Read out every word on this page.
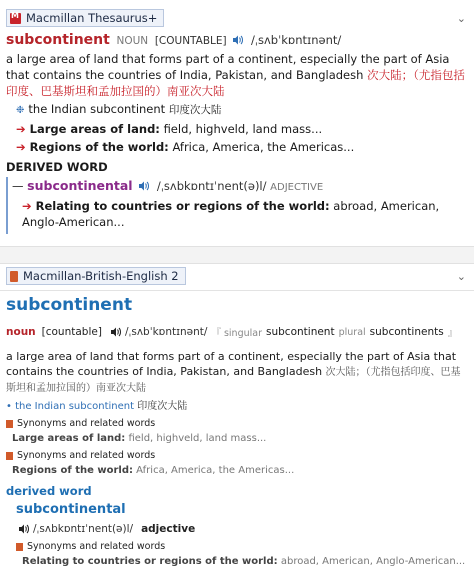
M
Macmillan Thesaurus+	⌄
subcontinent NOUN [COUNTABLE] /ˌsʌbˈkɒntɪnənt/
a large area of land that forms part of a continent, especially the part of Asia that contains the countries of India, Pakistan, and Bangladesh 次大陆；（尤指包括印度、巴基斯坦和孟加拉国的）南亚次大陆
❉ the Indian subcontinent 印度次大陆
➔ Large areas of land: field, highveld, land mass...
➔ Regions of the world: Africa, America, the Americas...
DERIVED WORD
— subcontinental /ˌsʌbkɒntɪˈnent(ə)l/ ADJECTIVE
➔ Relating to countries or regions of the world: abroad, American, Anglo-American...
Macmillan-British-English 2	⌄
subcontinent
noun [countable] /ˌsʌbˈkɒntɪnənt/ 『 singular subcontinent plural subcontinents 』
a large area of land that forms part of a continent, especially the part of Asia that contains the countries of India, Pakistan, and Bangladesh 次大陆；（尤指包括印度、巴基斯坦和孟加拉国的）南亚次大陆
• the Indian subcontinent 印度次大陆
Synonyms and related words
Large areas of land: field, highveld, land mass...
Synonyms and related words
Regions of the world: Africa, America, the Americas...
derived word
subcontinental
/ˌsʌbkɒntɪˈnent(ə)l/ adjective
Synonyms and related words
Relating to countries or regions of the world: abroad, American, Anglo-American...
